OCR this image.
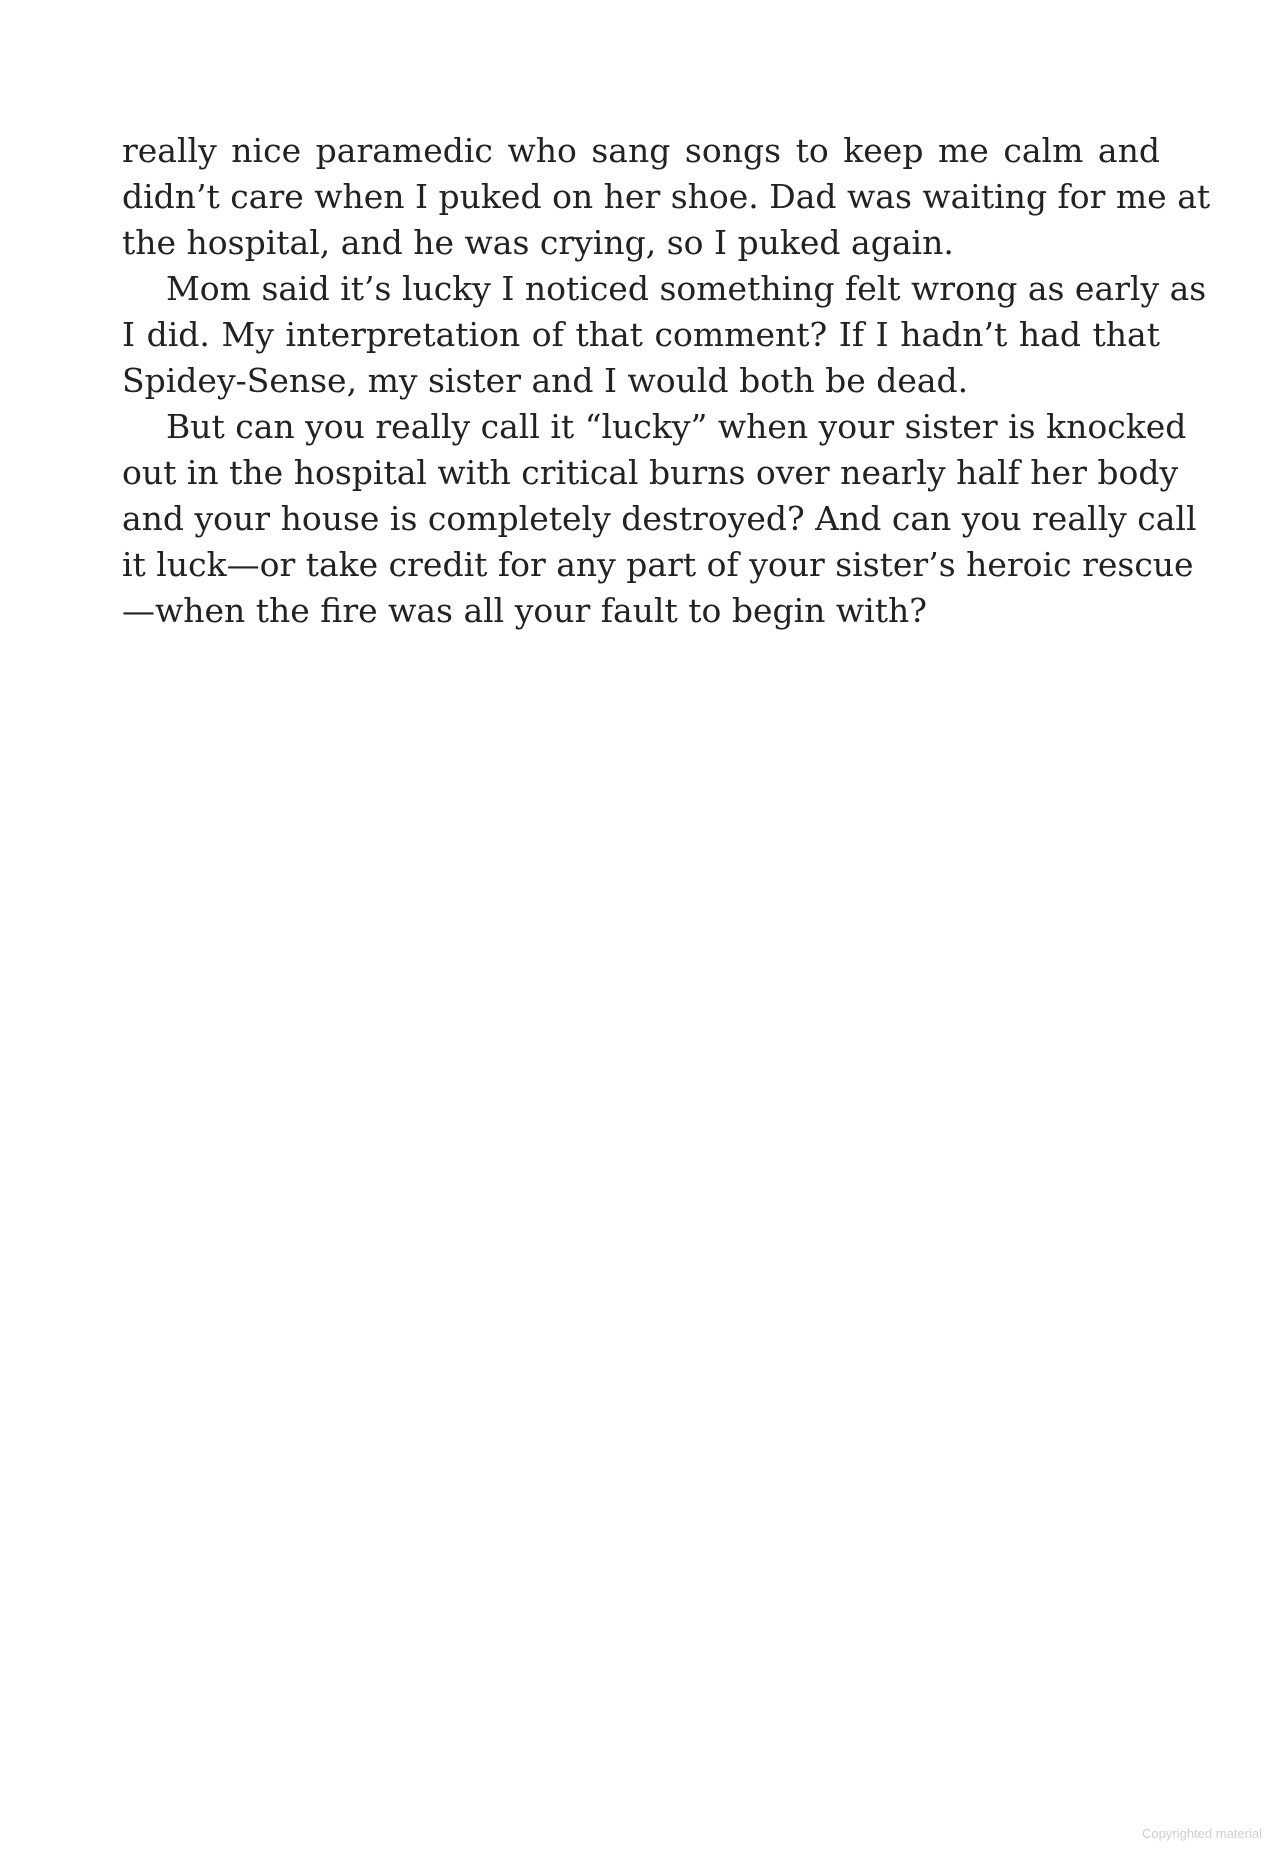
really nice paramedic who sang songs to keep me calm and
didn’t care when I puked on her shoe. Dad was waiting for me at
the hospital, and he was crying, so I puked again.
Mom said it’s lucky I noticed something felt wrong as early as
I did. My interpretation of that comment? If I hadn’t had that
Spidey-Sense, my sister and I would both be dead.
But can you really call it “lucky” when your sister is knocked
out in the hospital with critical burns over nearly half her body
and your house is completely destroyed? And can you really call
it luck—or take credit for any part of your sister’s heroic rescue
—when the fire was all your fault to begin with?
Copyrighted material
